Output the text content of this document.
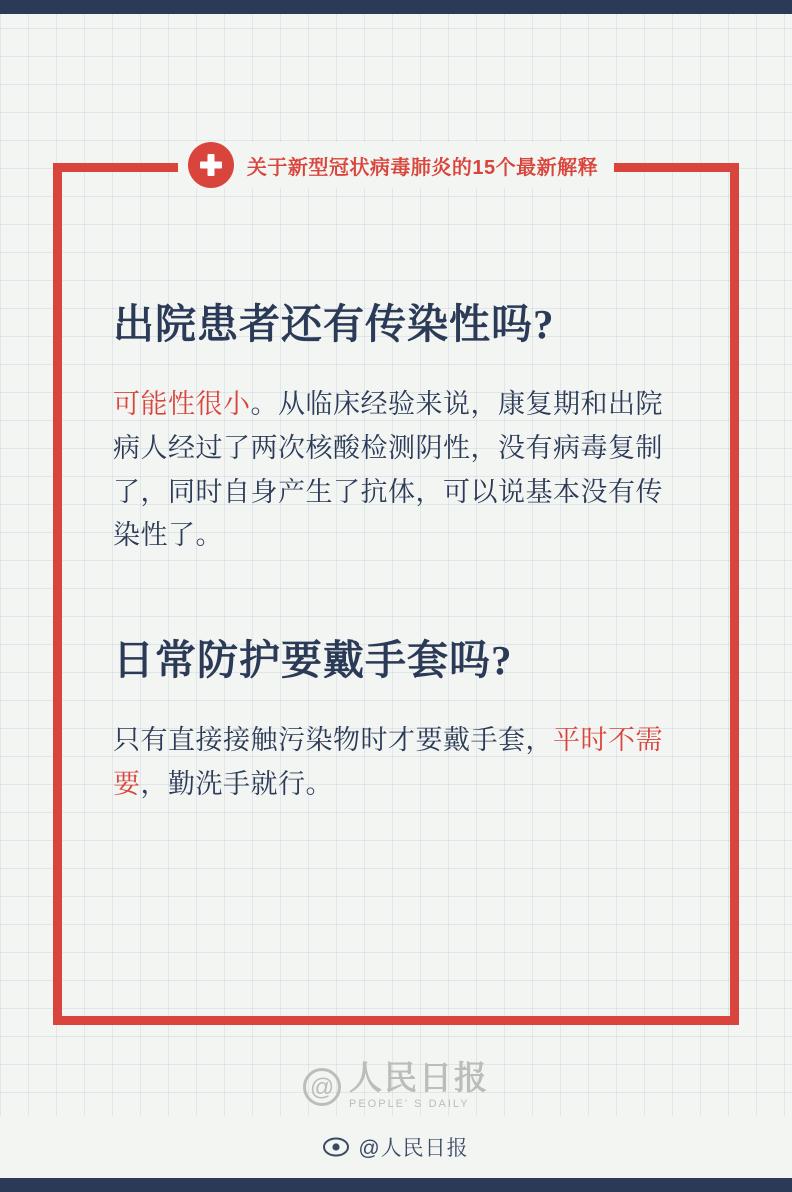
关于新型冠状病毒肺炎的15个最新解释
出院患者还有传染性吗?

可能性很小。从临床经验来说，康复期和出院病人经过了两次核酸检测阴性，没有病毒复制了，同时自身产生了抗体，可以说基本没有传染性了。

日常防护要戴手套吗?

只有直接接触污染物时才要戴手套，平时不需要，勤洗手就行。

@ 人民日报
PEOPLE' S DAILY
@人民日报
